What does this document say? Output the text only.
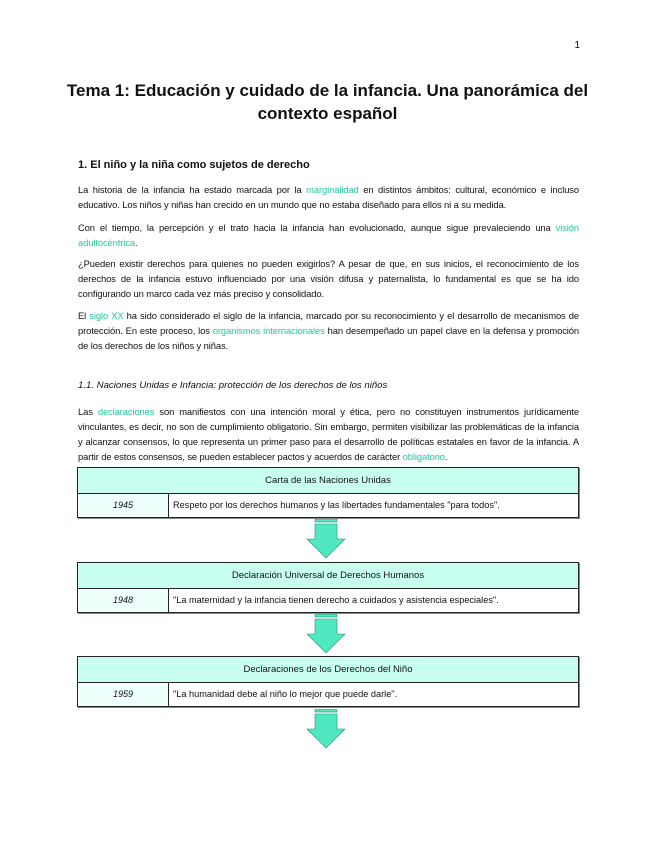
1
Tema 1: Educación y cuidado de la infancia. Una panorámica del contexto español
1. El niño y la niña como sujetos de derecho
La historia de la infancia ha estado marcada por la marginalidad en distintos ámbitos: cultural, económico e incluso educativo. Los niños y niñas han crecido en un mundo que no estaba diseñado para ellos ni a su medida.
Con el tiempo, la percepción y el trato hacia la infancia han evolucionado, aunque sigue prevaleciendo una visión adultocéntrica.
¿Pueden existir derechos para quienes no pueden exigirlos? A pesar de que, en sus inicios, el reconocimiento de los derechos de la infancia estuvo influenciado por una visión difusa y paternalista, lo fundamental es que se ha ido configurando un marco cada vez más preciso y consolidado.
El siglo XX ha sido considerado el siglo de la infancia, marcado por su reconocimiento y el desarrollo de mecanismos de protección. En este proceso, los organismos internacionales han desempeñado un papel clave en la defensa y promoción de los derechos de los niños y niñas.
1.1. Naciones Unidas e Infancia: protección de los derechos de los niños
Las declaraciones son manifiestos con una intención moral y ética, pero no constituyen instrumentos jurídicamente vinculantes, es decir, no son de cumplimiento obligatorio. Sin embargo, permiten visibilizar las problemáticas de la infancia y alcanzar consensos, lo que representa un primer paso para el desarrollo de políticas estatales en favor de la infancia. A partir de estos consensos, se pueden establecer pactos y acuerdos de carácter obligatorio.
Carta de las Naciones Unidas
1945	Respeto por los derechos humanos y las libertades fundamentales "para todos".
Declaración Universal de Derechos Humanos
1948	"La maternidad y la infancia tienen derecho a cuidados y asistencia especiales".
Declaraciones de los Derechos del Niño
1959	"La humanidad debe al niño lo mejor que puede darle".
